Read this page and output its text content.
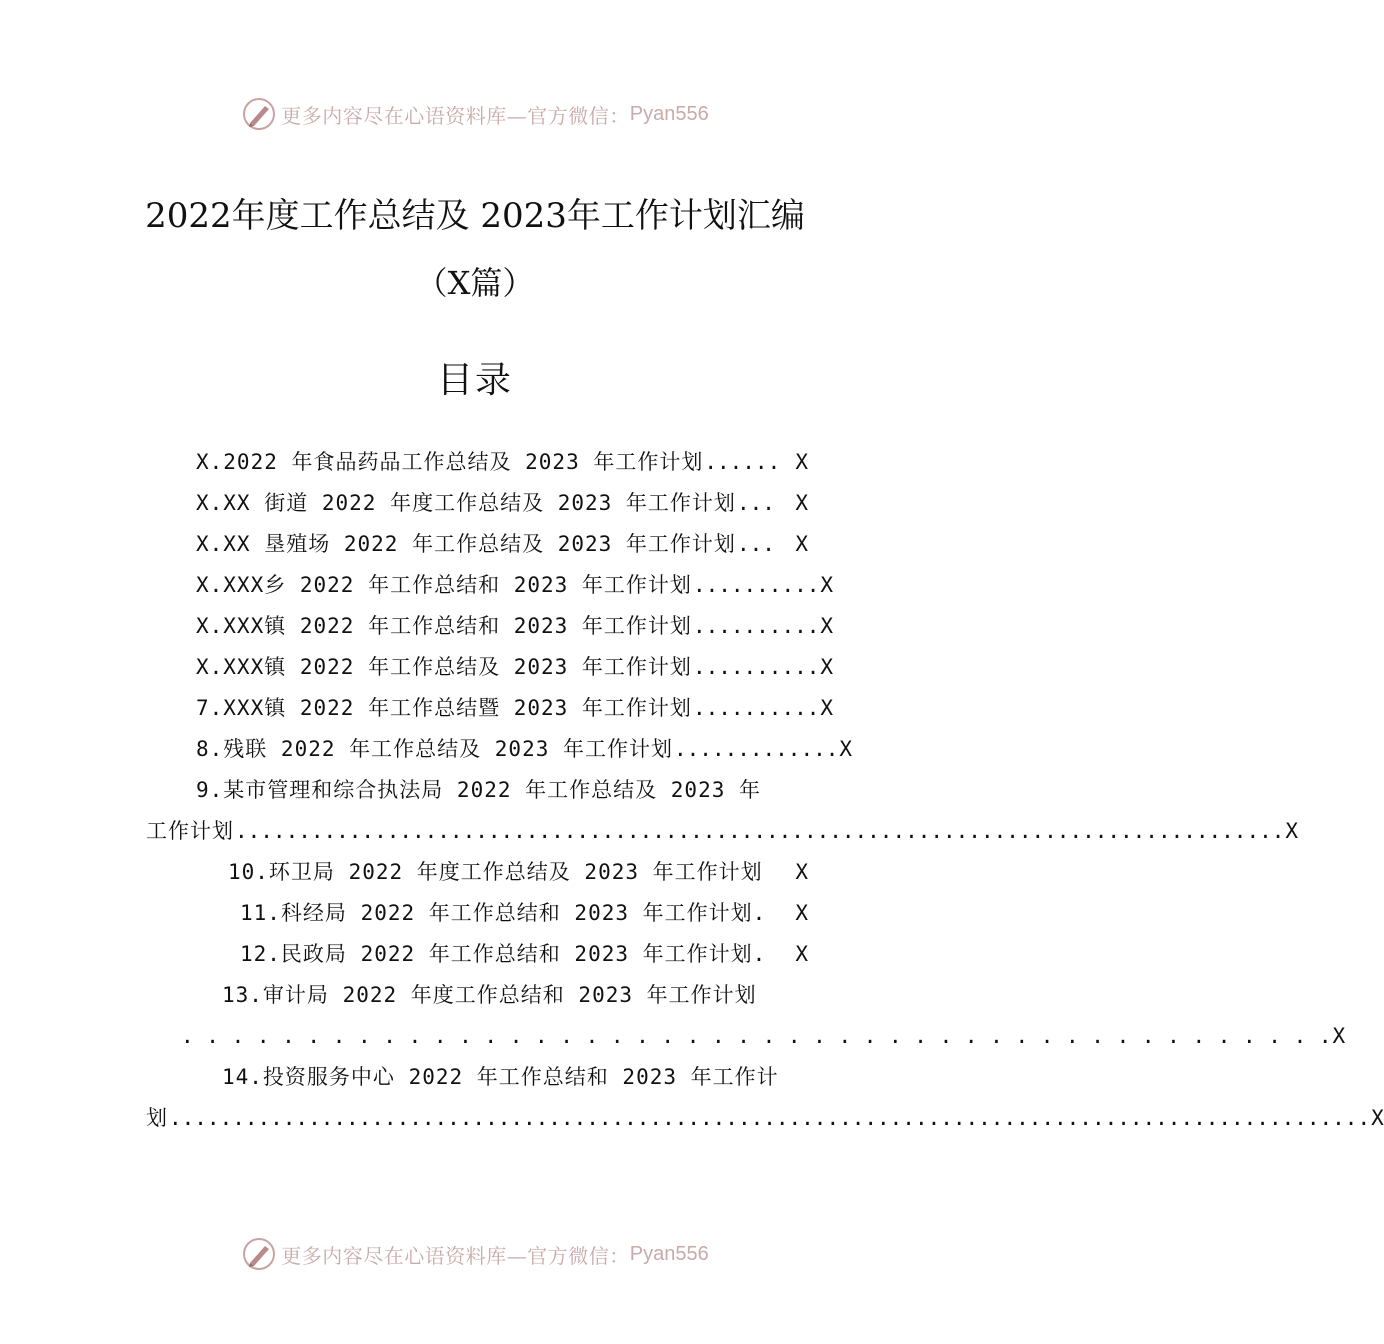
更多内容尽在心语资料库—官方微信： Pyan556
2022年度工作总结及 2023年工作计划汇编
（X篇）
目录
X.2022 年食品药品工作总结及 2023 年工作计划 ...... X
X.XX 街道 2022 年度工作总结及 2023 年工作计划 ... X
X.XX 垦殖场 2022 年工作总结及 2023 年工作计划 ... X
X.XXX乡 2022 年工作总结和 2023 年工作计划 .......... X
X.XXX镇 2022 年工作总结和 2023 年工作计划 .......... X
X.XXX镇 2022 年工作总结及 2023 年工作计划 .......... X
7.XXX镇 2022 年工作总结暨 2023 年工作计划 .......... X
8.残联 2022 年工作总结及 2023 年工作计划 ............. X
9.某市管理和综合执法局 2022 年工作总结及 2023 年
工作计划 ................................................................................... X
10.环卫局 2022 年度工作总结及 2023 年工作计划 X
11.科经局 2022 年工作总结和 2023 年工作计划. X
12.民政局 2022 年工作总结和 2023 年工作计划. X
13.审计局 2022 年度工作总结和 2023 年工作计划
. . . . . . . . . . . . . . . . . . . . . . . . . . . . . . . . . . . . . . . . . . . . . . X
14.投资服务中心 2022 年工作总结和 2023 年工作计
划 ............................................................................................... X
更多内容尽在心语资料库—官方微信： Pyan556
